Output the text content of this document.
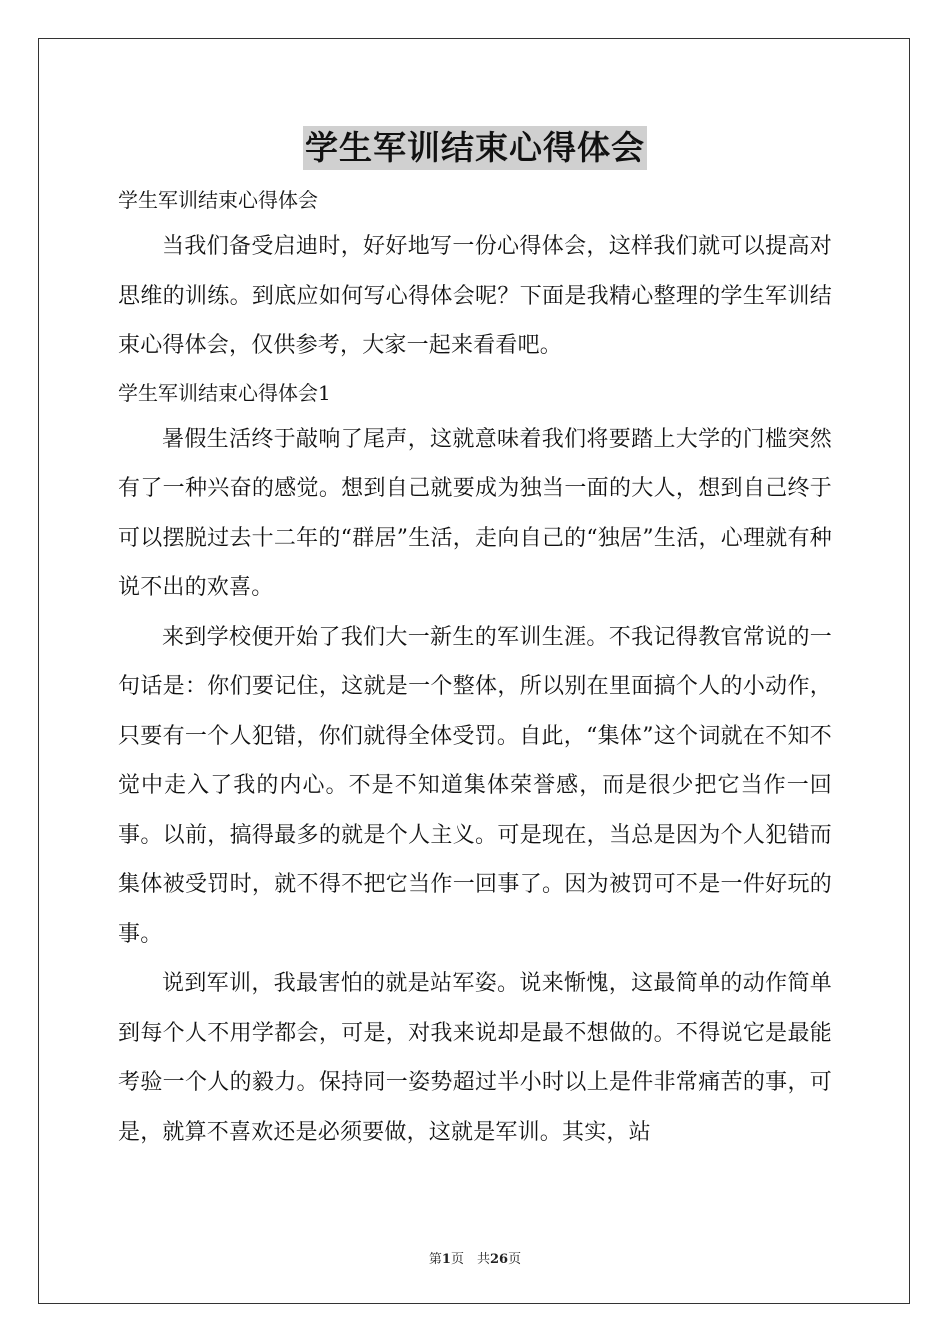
学生军训结束心得体会

学生军训结束心得体会

当我们备受启迪时，好好地写一份心得体会，这样我们就可以提高对思维的训练。到底应如何写心得体会呢？下面是我精心整理的学生军训结束心得体会，仅供参考，大家一起来看看吧。

学生军训结束心得体会1

暑假生活终于敲响了尾声，这就意味着我们将要踏上大学的门槛突然有了一种兴奋的感觉。想到自己就要成为独当一面的大人，想到自己终于可以摆脱过去十二年的“群居”生活，走向自己的“独居”生活，心理就有种说不出的欢喜。

来到学校便开始了我们大一新生的军训生涯。不我记得教官常说的一句话是：你们要记住，这就是一个整体，所以别在里面搞个人的小动作，只要有一个人犯错，你们就得全体受罚。自此，“集体”这个词就在不知不觉中走入了我的内心。不是不知道集体荣誉感，而是很少把它当作一回事。以前，搞得最多的就是个人主义。可是现在，当总是因为个人犯错而集体被受罚时，就不得不把它当作一回事了。因为被罚可不是一件好玩的事。

说到军训，我最害怕的就是站军姿。说来惭愧，这最简单的动作简单到每个人不用学都会，可是，对我来说却是最不想做的。不得说它是最能考验一个人的毅力。保持同一姿势超过半小时以上是件非常痛苦的事，可是，就算不喜欢还是必须要做，这就是军训。其实，站

第1页　共26页
